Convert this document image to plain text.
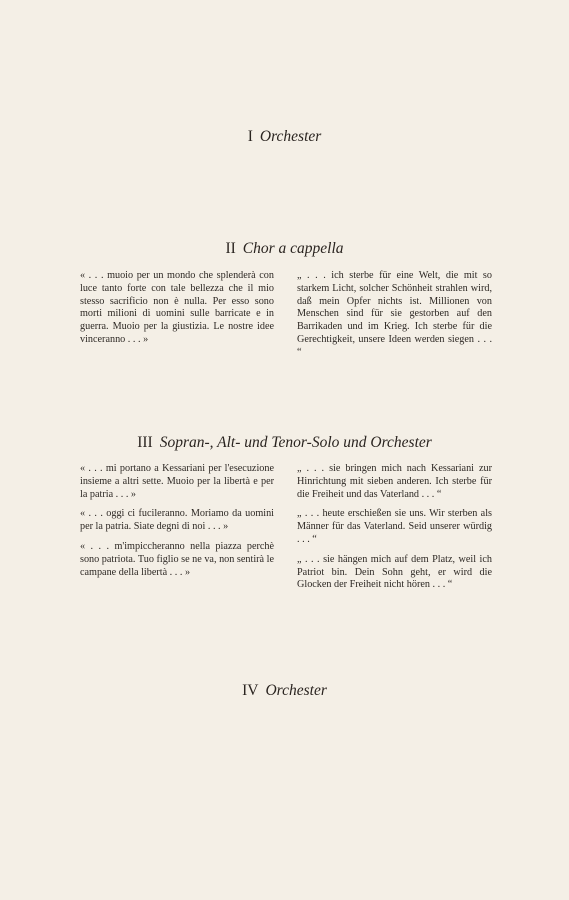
I Orchester
II Chor a cappella

« . . . muoio per un mondo che splenderà con luce tanto forte con tale bellezza che il mio stesso sacrificio non è nulla. Per esso sono morti milioni di uomini sulle barricate e in guerra. Muoio per la giustizia. Le nostre idee vinceranno . . . »

„ . . . ich sterbe für eine Welt, die mit so starkem Licht, solcher Schönheit strahlen wird, daß mein Opfer nichts ist. Millionen von Menschen sind für sie gestorben auf den Barrikaden und im Krieg. Ich sterbe für die Gerechtigkeit, unsere Ideen werden siegen . . . “

III Sopran-, Alt- und Tenor-Solo und Orchester

« . . . mi portano a Kessariani per l'esecuzione insieme a altri sette. Muoio per la libertà e per la patria . . . »

« . . . oggi ci fucileranno. Moriamo da uomini per la patria. Siate degni di noi . . . »

« . . . m'impiccheranno nella piazza perchè sono patriota. Tuo figlio se ne va, non sentirà le campane della libertà . . . »

„ . . . sie bringen mich nach Kessariani zur Hinrichtung mit sieben anderen. Ich sterbe für die Freiheit und das Vaterland . . . “

„ . . . heute erschießen sie uns. Wir sterben als Männer für das Vaterland. Seid unserer würdig . . . “

„ . . . sie hängen mich auf dem Platz, weil ich Patriot bin. Dein Sohn geht, er wird die Glocken der Freiheit nicht hören . . . “

IV Orchester
